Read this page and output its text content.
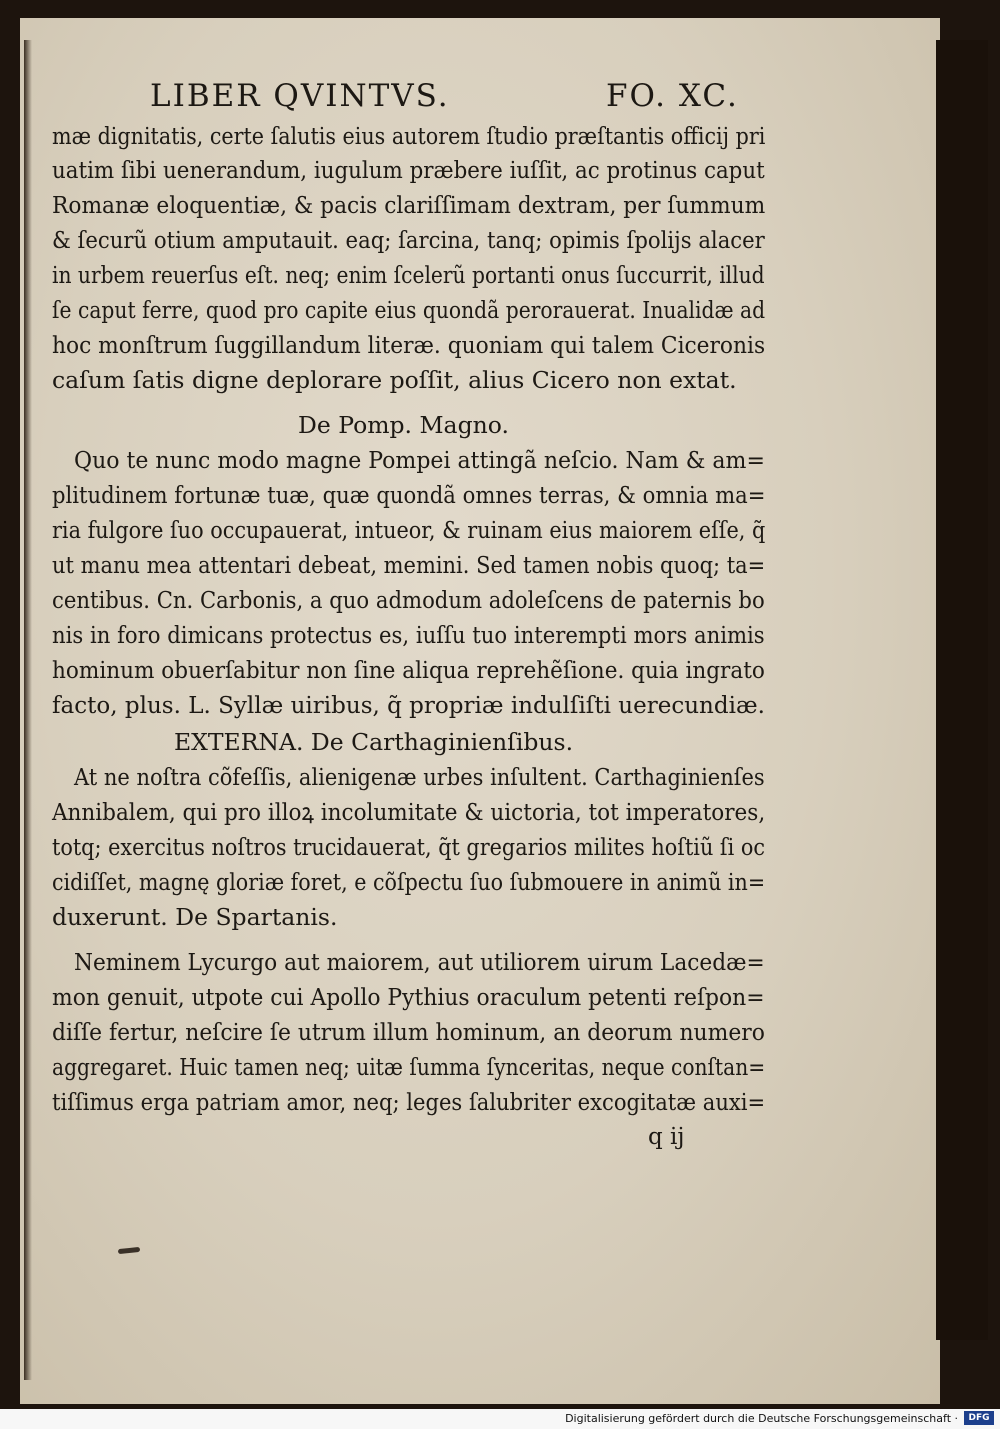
LIBER QVINTVS.	FO. XC.
mæ dignitatis, certe ſalutis eius autorem ſtudio præſtantis officij pri
uatim ſibi uenerandum, iugulum præbere iuſſit, ac protinus caput
Romanæ eloquentiæ, & pacis clariſſimam dextram, per ſummum
& ſecurũ otium amputauit. eaq; ſarcina, tanq; opimis ſpolijs alacer
in urbem reuerſus eſt. neq; enim ſcelerũ portanti onus ſuccurrit, illud
ſe caput ferre, quod pro capite eius quondã perorauerat. Inualidæ ad
hoc monſtrum ſuggillandum literæ. quoniam qui talem Ciceronis
caſum ſatis digne deplorare poſſit, alius Cicero non extat.
De Pomp. Magno.
Quo te nunc modo magne Pompei attingã neſcio. Nam & am=
plitudinem fortunæ tuæ, quæ quondã omnes terras, & omnia ma=
ria fulgore ſuo occupauerat, intueor, & ruinam eius maiorem eſſe, q̃
ut manu mea attentari debeat, memini. Sed tamen nobis quoq; ta=
centibus. Cn. Carbonis, a quo admodum adoleſcens de paternis bo
nis in foro dimicans protectus es, iuſſu tuo interempti mors animis
hominum obuerſabitur non ſine aliqua reprehẽſione. quia ingrato
facto, plus. L. Syllæ uiribus, q̃ propriæ indulſiſti uerecundiæ.
EXTERNA. De Carthaginienſibus.
At ne noſtra cõfeſſis, alienigenæ urbes inſultent. Carthaginienſes
Annibalem, qui pro illoꝝ incolumitate & uictoria, tot imperatores,
totq; exercitus noſtros trucidauerat, q̃t gregarios milites hoſtiũ ſi oc
cidiſſet, magnę gloriæ foret, e cõſpectu ſuo ſubmouere in animũ in=
duxerunt. De Spartanis.
Neminem Lycurgo aut maiorem, aut utiliorem uirum Lacedæ=
mon genuit, utpote cui Apollo Pythius oraculum petenti reſpon=
diſſe fertur, neſcire ſe utrum illum hominum, an deorum numero
aggregaret. Huic tamen neq; uitæ ſumma ſynceritas, neque conſtan=
tiſſimus erga patriam amor, neq; leges ſalubriter excogitatæ auxi=
q ij
Digitalisierung gefördert durch die Deutsche Forschungsgemeinschaft ·	DFG
